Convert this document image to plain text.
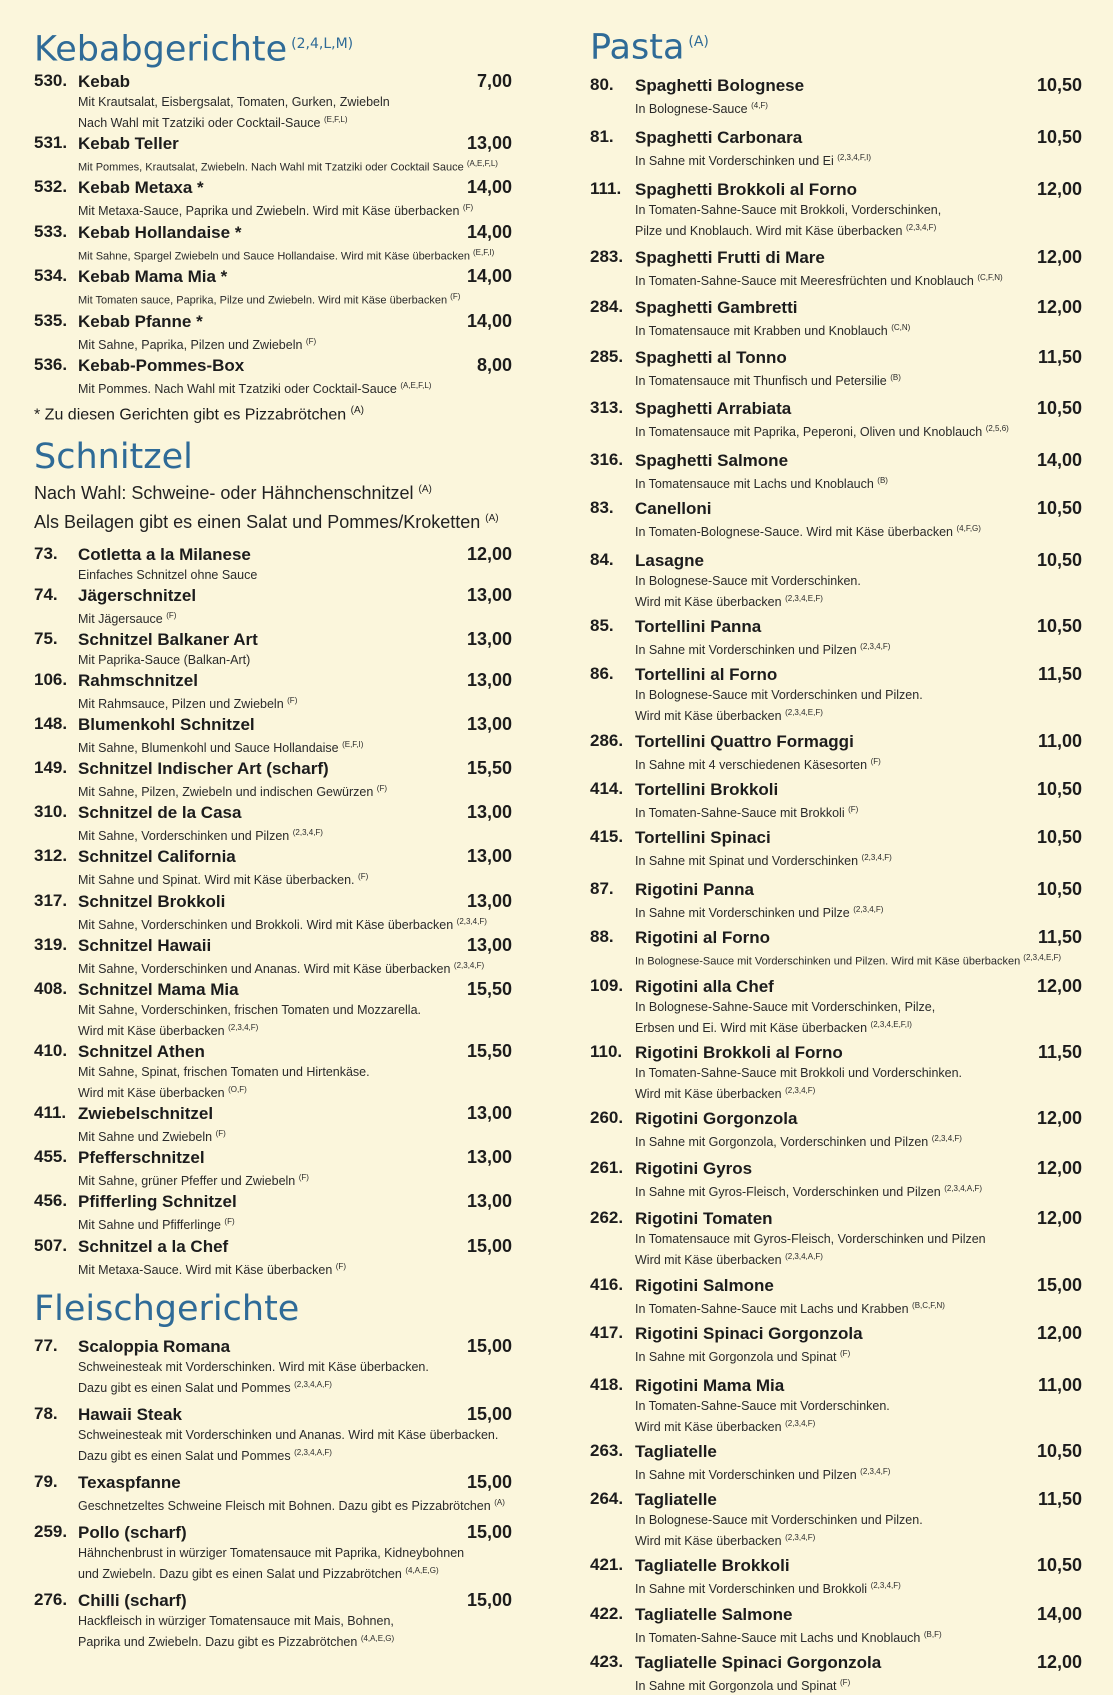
Kebabgerichte $^{(2,4,L,M)}$
530. Kebab	7,00
Mit Krautsalat, Eisbergsalat, Tomaten, Gurken, Zwiebeln
Nach Wahl mit Tzatziki oder Cocktail-Sauce $^{(E,F,L)}$
531. Kebab Teller	13,00
Mit Pommes, Krautsalat, Zwiebeln. Nach Wahl mit Tzatziki oder Cocktail Sauce $^{(A,E,F,L)}$
532. Kebab Metaxa *	14,00
Mit Metaxa-Sauce, Paprika und Zwiebeln. Wird mit Käse überbacken $^{(F)}$
533. Kebab Hollandaise *	14,00
Mit Sahne, Spargel Zwiebeln und Sauce Hollandaise. Wird mit Käse überbacken $^{(E,F,I)}$
534. Kebab Mama Mia *	14,00
Mit Tomaten sauce, Paprika, Pilze und Zwiebeln. Wird mit Käse überbacken $^{(F)}$
535. Kebab Pfanne *	14,00
Mit Sahne, Paprika, Pilzen und Zwiebeln $^{(F)}$
536. Kebab-Pommes-Box	8,00
Mit Pommes. Nach Wahl mit Tzatziki oder Cocktail-Sauce $^{(A,E,F,L)}$
* Zu diesen Gerichten gibt es Pizzabrötchen $^{(A)}$
Schnitzel
Nach Wahl: Schweine- oder Hähnchenschnitzel $^{(A)}$
Als Beilagen gibt es einen Salat und Pommes/Kroketten $^{(A)}$
73.	Cotletta a la Milanese	12,00
Einfaches Schnitzel ohne Sauce
74.	Jägerschnitzel	13,00
Mit Jägersauce $^{(F)}$
75.	Schnitzel Balkaner Art	13,00
Mit Paprika-Sauce (Balkan-Art)
106. Rahmschnitzel	13,00
Mit Rahmsauce, Pilzen und Zwiebeln $^{(F)}$
148. Blumenkohl Schnitzel	13,00
Mit Sahne, Blumenkohl und Sauce Hollandaise $^{(E,F,I)}$
149. Schnitzel Indischer Art (scharf)	15,50
Mit Sahne, Pilzen, Zwiebeln und indischen Gewürzen $^{(F)}$
310. Schnitzel de la Casa	13,00
Mit Sahne, Vorderschinken und Pilzen $^{(2,3,4,F)}$
312. Schnitzel California	13,00
Mit Sahne und Spinat. Wird mit Käse überbacken. $^{(F)}$
317. Schnitzel Brokkoli	13,00
Mit Sahne, Vorderschinken und Brokkoli. Wird mit Käse überbacken $^{(2,3,4,F)}$
319. Schnitzel Hawaii	13,00
Mit Sahne, Vorderschinken und Ananas. Wird mit Käse überbacken $^{(2,3,4,F)}$
408. Schnitzel Mama Mia	15,50
Mit Sahne, Vorderschinken, frischen Tomaten und Mozzarella.
Wird mit Käse überbacken $^{(2,3,4,F)}$
410. Schnitzel Athen	15,50
Mit Sahne, Spinat, frischen Tomaten und Hirtenkäse.
Wird mit Käse überbacken $^{(O,F)}$
411. Zwiebelschnitzel	13,00
Mit Sahne und Zwiebeln $^{(F)}$
455. Pfefferschnitzel	13,00
Mit Sahne, grüner Pfeffer und Zwiebeln $^{(F)}$
456. Pfifferling Schnitzel	13,00
Mit Sahne und Pfifferlinge $^{(F)}$
507. Schnitzel a la Chef	15,00
Mit Metaxa-Sauce. Wird mit Käse überbacken $^{(F)}$
Fleischgerichte
77.	Scaloppia Romana	15,00
Schweinesteak mit Vorderschinken. Wird mit Käse überbacken.
Dazu gibt es einen Salat und Pommes $^{(2,3,4,A,F)}$
78.	Hawaii Steak	15,00
Schweinesteak mit Vorderschinken und Ananas. Wird mit Käse überbacken.
Dazu gibt es einen Salat und Pommes $^{(2,3,4,A,F)}$
79.	Texaspfanne	15,00
Geschnetzeltes Schweine Fleisch mit Bohnen. Dazu gibt es Pizzabrötchen $^{(A)}$
259. Pollo (scharf)	15,00
Hähnchenbrust in würziger Tomatensauce mit Paprika, Kidneybohnen
und Zwiebeln. Dazu gibt es einen Salat und Pizzabrötchen $^{(4,A,E,G)}$
276. Chilli (scharf)	15,00
Hackfleisch in würziger Tomatensauce mit Mais, Bohnen,
Paprika und Zwiebeln. Dazu gibt es Pizzabrötchen $^{(4,A,E,G)}$
Pasta $^{(A)}$
80.	Spaghetti Bolognese	10,50
In Bolognese-Sauce $^{(4,F)}$
81.	Spaghetti Carbonara	10,50
In Sahne mit Vorderschinken und Ei $^{(2,3,4,F,I)}$
111. Spaghetti Brokkoli al Forno	12,00
In Tomaten-Sahne-Sauce mit Brokkoli, Vorderschinken,
Pilze und Knoblauch. Wird mit Käse überbacken $^{(2,3,4,F)}$
283. Spaghetti Frutti di Mare	12,00
In Tomaten-Sahne-Sauce mit Meeresfrüchten und Knoblauch $^{(C,F,N)}$
284. Spaghetti Gambretti	12,00
In Tomatensauce mit Krabben und Knoblauch $^{(C,N)}$
285. Spaghetti al Tonno	11,50
In Tomatensauce mit Thunfisch und Petersilie $^{(B)}$
313. Spaghetti Arrabiata	10,50
In Tomatensauce mit Paprika, Peperoni, Oliven und Knoblauch $^{(2,5,6)}$
316. Spaghetti Salmone	14,00
In Tomatensauce mit Lachs und Knoblauch $^{(B)}$
83.	Canelloni	10,50
In Tomaten-Bolognese-Sauce. Wird mit Käse überbacken $^{(4,F,G)}$
84.	Lasagne	10,50
In Bolognese-Sauce mit Vorderschinken.
Wird mit Käse überbacken $^{(2,3,4,E,F)}$
85.	Tortellini Panna	10,50
In Sahne mit Vorderschinken und Pilzen $^{(2,3,4,F)}$
86.	Tortellini al Forno	11,50
In Bolognese-Sauce mit Vorderschinken und Pilzen.
Wird mit Käse überbacken $^{(2,3,4,E,F)}$
286. Tortellini Quattro Formaggi	11,00
In Sahne mit 4 verschiedenen Käsesorten $^{(F)}$
414. Tortellini Brokkoli	10,50
In Tomaten-Sahne-Sauce mit Brokkoli $^{(F)}$
415. Tortellini Spinaci	10,50
In Sahne mit Spinat und Vorderschinken $^{(2,3,4,F)}$
87.	Rigotini Panna	10,50
In Sahne mit Vorderschinken und Pilze $^{(2,3,4,F)}$
88.	Rigotini al Forno	11,50
In Bolognese-Sauce mit Vorderschinken und Pilzen. Wird mit Käse überbacken $^{(2,3,4,E,F)}$
109. Rigotini alla Chef	12,00
In Bolognese-Sahne-Sauce mit Vorderschinken, Pilze,
Erbsen und Ei. Wird mit Käse überbacken $^{(2,3,4,E,F,I)}$
110. Rigotini Brokkoli al Forno	11,50
In Tomaten-Sahne-Sauce mit Brokkoli und Vorderschinken.
Wird mit Käse überbacken $^{(2,3,4,F)}$
260. Rigotini Gorgonzola	12,00
In Sahne mit Gorgonzola, Vorderschinken und Pilzen $^{(2,3,4,F)}$
261. Rigotini Gyros	12,00
In Sahne mit Gyros-Fleisch, Vorderschinken und Pilzen $^{(2,3,4,A,F)}$
262. Rigotini Tomaten	12,00
In Tomatensauce mit Gyros-Fleisch, Vorderschinken und Pilzen
Wird mit Käse überbacken $^{(2,3,4,A,F)}$
416. Rigotini Salmone	15,00
In Tomaten-Sahne-Sauce mit Lachs und Krabben $^{(B,C,F,N)}$
417. Rigotini Spinaci Gorgonzola	12,00
In Sahne mit Gorgonzola und Spinat $^{(F)}$
418. Rigotini Mama Mia	11,00
In Tomaten-Sahne-Sauce mit Vorderschinken.
Wird mit Käse überbacken $^{(2,3,4,F)}$
263. Tagliatelle	10,50
In Sahne mit Vorderschinken und Pilzen $^{(2,3,4,F)}$
264. Tagliatelle	11,50
In Bolognese-Sauce mit Vorderschinken und Pilzen.
Wird mit Käse überbacken $^{(2,3,4,F)}$
421. Tagliatelle Brokkoli	10,50
In Sahne mit Vorderschinken und Brokkoli $^{(2,3,4,F)}$
422. Tagliatelle Salmone	14,00
In Tomaten-Sahne-Sauce mit Lachs und Knoblauch $^{(B,F)}$
423. Tagliatelle Spinaci Gorgonzola	12,00
In Sahne mit Gorgonzola und Spinat $^{(F)}$
